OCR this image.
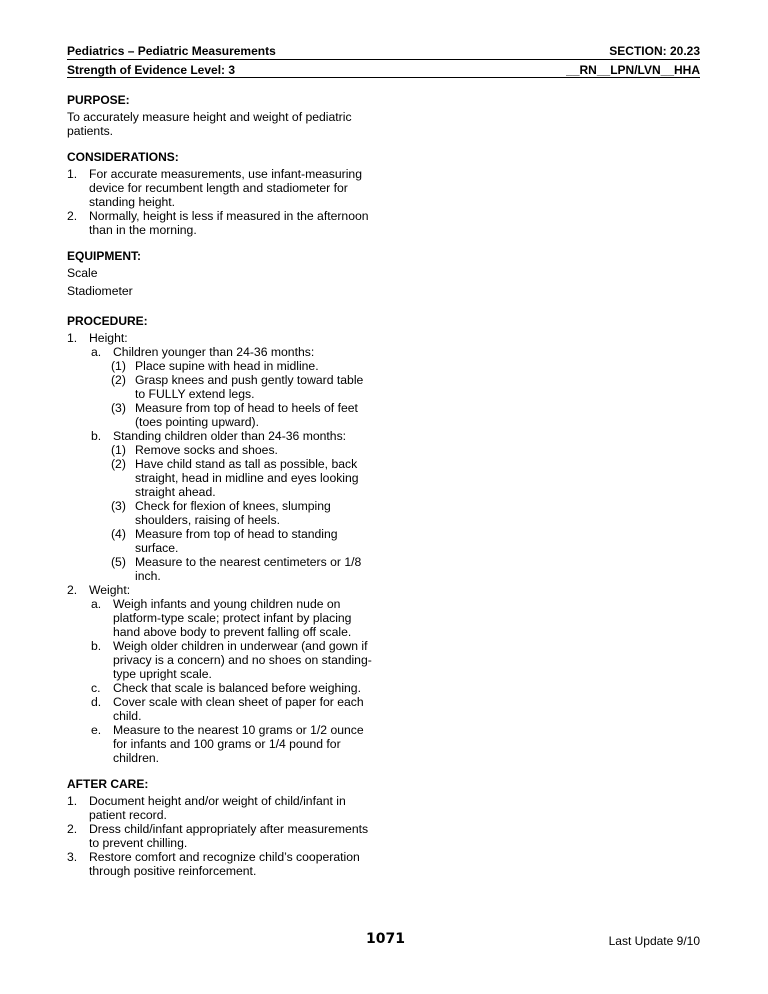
Pediatrics – Pediatric Measurements	SECTION: 20.23
Strength of Evidence Level: 3	__RN__LPN/LVN__HHA
PURPOSE:

To accurately measure height and weight of pediatric patients.

CONSIDERATIONS:
1. For accurate measurements, use infant-measuring device for recumbent length and stadiometer for standing height.
2. Normally, height is less if measured in the afternoon than in the morning.
EQUIPMENT:

Scale

Stadiometer

PROCEDURE:
1. Height:
a. Children younger than 24-36 months:
(1) Place supine with head in midline.
(2) Grasp knees and push gently toward table to FULLY extend legs.
(3) Measure from top of head to heels of feet (toes pointing upward).
b. Standing children older than 24-36 months:
(1) Remove socks and shoes.
(2) Have child stand as tall as possible, back straight, head in midline and eyes looking straight ahead.
(3) Check for flexion of knees, slumping shoulders, raising of heels.
(4) Measure from top of head to standing surface.
(5) Measure to the nearest centimeters or 1/8 inch.
2. Weight:
a. Weigh infants and young children nude on platform-type scale; protect infant by placing hand above body to prevent falling off scale.
b. Weigh older children in underwear (and gown if privacy is a concern) and no shoes on standing-type upright scale.
c. Check that scale is balanced before weighing.
d. Cover scale with clean sheet of paper for each child.
e. Measure to the nearest 10 grams or 1/2 ounce for infants and 100 grams or 1/4 pound for children.
AFTER CARE:
1. Document height and/or weight of child/infant in patient record.
2. Dress child/infant appropriately after measurements to prevent chilling.
3. Restore comfort and recognize child’s cooperation through positive reinforcement.
1071	Last Update 9/10
